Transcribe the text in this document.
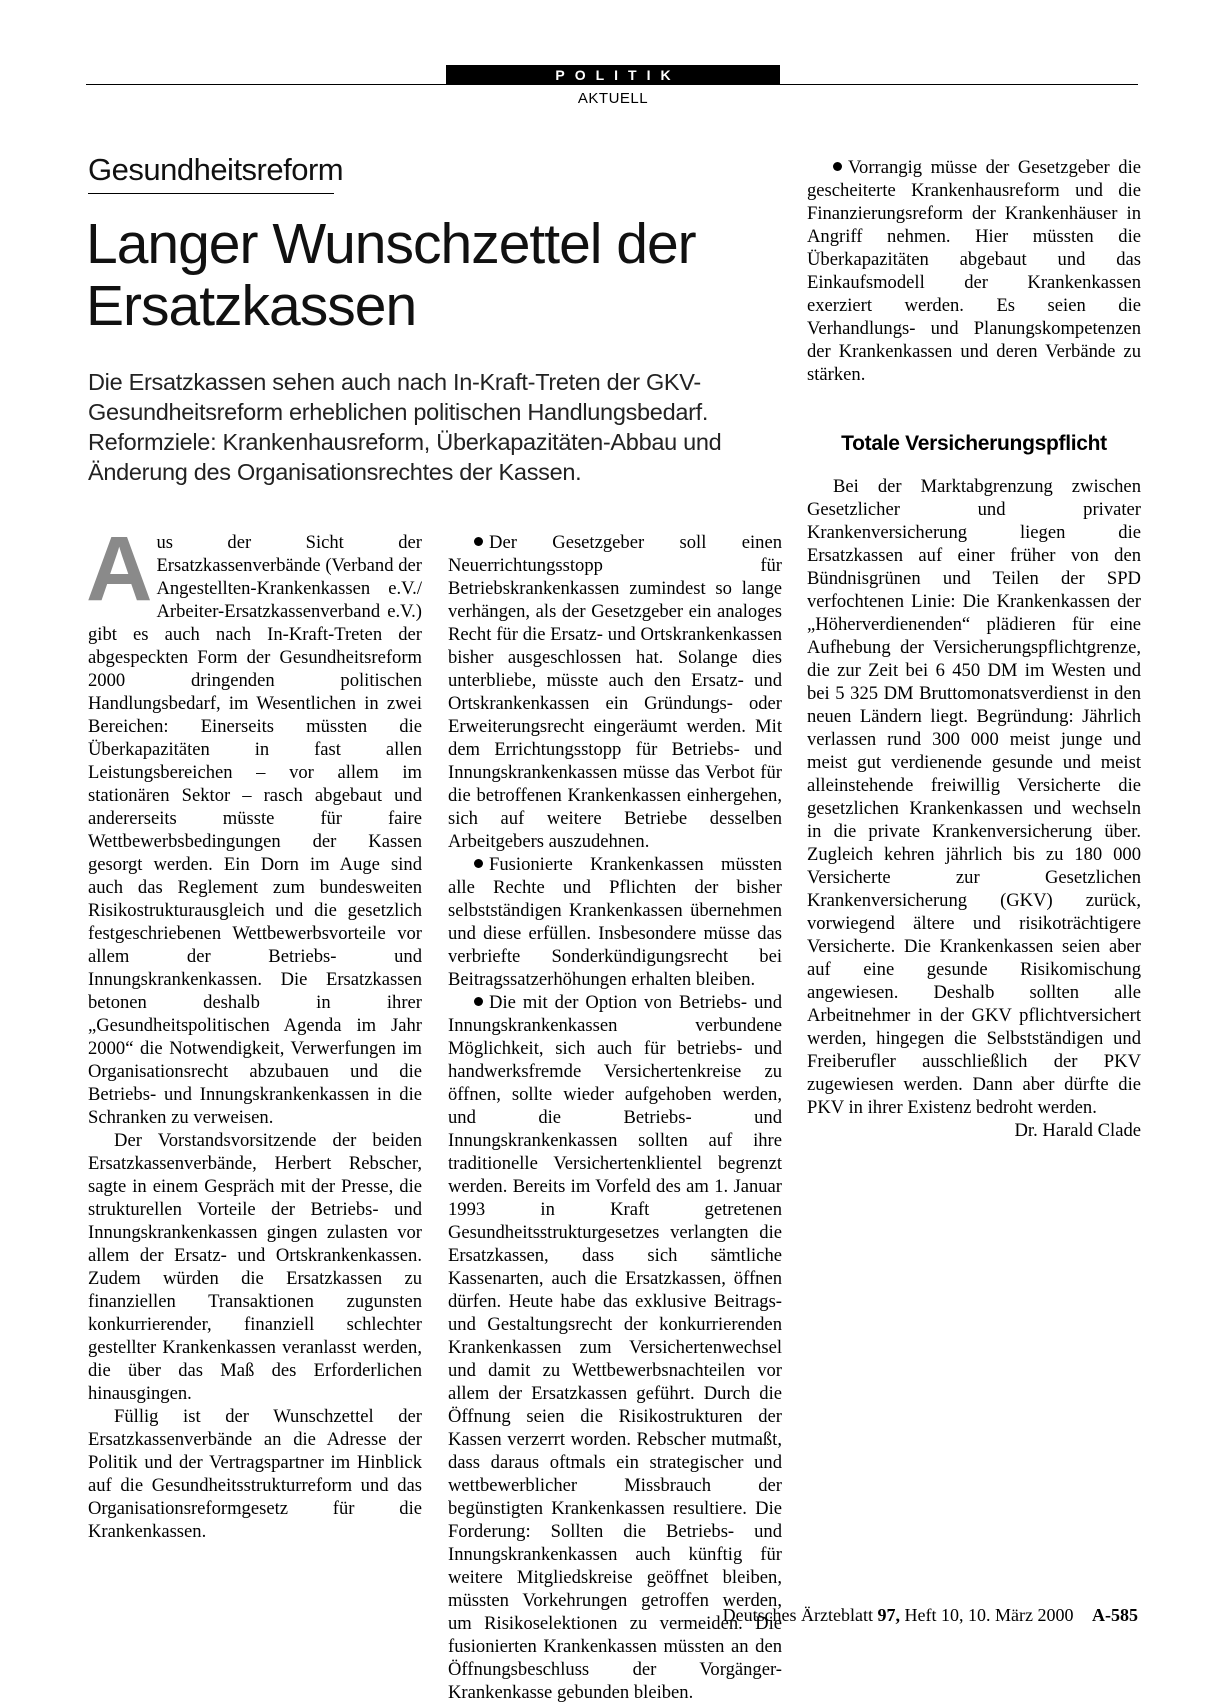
POLITIK
AKTUELL
Gesundheitsreform
Langer Wunschzettel der Ersatzkassen
Die Ersatzkassen sehen auch nach In-Kraft-Treten der GKV-Gesundheitsreform erheblichen politischen Handlungsbedarf. Reformziele: Krankenhausreform, Überkapazitäten-Abbau und Änderung des Organisationsrechtes der Kassen.

Aus der Sicht der Ersatzkassenverbände (Verband der Angestellten-Krankenkassen e.V./ Arbeiter-Ersatzkassenverband e.V.) gibt es auch nach In-Kraft-Treten der abgespeckten Form der Gesundheitsreform 2000 dringenden politischen Handlungsbedarf, im Wesentlichen in zwei Bereichen: Einerseits müssten die Überkapazitäten in fast allen Leistungsbereichen – vor allem im stationären Sektor – rasch abgebaut und andererseits müsste für faire Wettbewerbsbedingungen der Kassen gesorgt werden. Ein Dorn im Auge sind auch das Reglement zum bundesweiten Risikostrukturausgleich und die gesetzlich festgeschriebenen Wettbewerbsvorteile vor allem der Betriebs- und Innungskrankenkassen. Die Ersatzkassen betonen deshalb in ihrer „Gesundheitspolitischen Agenda im Jahr 2000“ die Notwendigkeit, Verwerfungen im Organisationsrecht abzubauen und die Betriebs- und Innungskrankenkassen in die Schranken zu verweisen.

Der Vorstandsvorsitzende der beiden Ersatzkassenverbände, Herbert Rebscher, sagte in einem Gespräch mit der Presse, die strukturellen Vorteile der Betriebs- und Innungskrankenkassen gingen zulasten vor allem der Ersatz- und Ortskrankenkassen. Zudem würden die Ersatzkassen zu finanziellen Transaktionen zugunsten konkurrierender, finanziell schlechter gestellter Krankenkassen veranlasst werden, die über das Maß des Erforderlichen hinausgingen.

Füllig ist der Wunschzettel der Ersatzkassenverbände an die Adresse der Politik und der Vertragspartner im Hinblick auf die Gesundheitsstrukturreform und das Organisationsreformgesetz für die Krankenkassen.

Der Gesetzgeber soll einen Neuerrichtungsstopp für Betriebskrankenkassen zumindest so lange verhängen, als der Gesetzgeber ein analoges Recht für die Ersatz- und Ortskrankenkassen bisher ausgeschlossen hat. Solange dies unterbliebe, müsste auch den Ersatz- und Ortskrankenkassen ein Gründungs- oder Erweiterungsrecht eingeräumt werden. Mit dem Errichtungsstopp für Betriebs- und Innungskrankenkassen müsse das Verbot für die betroffenen Krankenkassen einhergehen, sich auf weitere Betriebe desselben Arbeitgebers auszudehnen.

Fusionierte Krankenkassen müssten alle Rechte und Pflichten der bisher selbstständigen Krankenkassen übernehmen und diese erfüllen. Insbesondere müsse das verbriefte Sonderkündigungsrecht bei Beitragssatzerhöhungen erhalten bleiben.

Die mit der Option von Betriebs- und Innungskrankenkassen verbundene Möglichkeit, sich auch für betriebs- und handwerksfremde Versichertenkreise zu öffnen, sollte wieder aufgehoben werden, und die Betriebs- und Innungskrankenkassen sollten auf ihre traditionelle Versichertenklientel begrenzt werden. Bereits im Vorfeld des am 1. Januar 1993 in Kraft getretenen Gesundheitsstrukturgesetzes verlangten die Ersatzkassen, dass sich sämtliche Kassenarten, auch die Ersatzkassen, öffnen dürfen. Heute habe das exklusive Beitrags- und Gestaltungsrecht der konkurrierenden Krankenkassen zum Versichertenwechsel und damit zu Wettbewerbsnachteilen vor allem der Ersatzkassen geführt. Durch die Öffnung seien die Risikostrukturen der Kassen verzerrt worden. Rebscher mutmaßt, dass daraus oftmals ein strategischer und wettbewerblicher Missbrauch der begünstigten Krankenkassen resultiere. Die Forderung: Sollten die Betriebs- und Innungskrankenkassen auch künftig für weitere Mitgliedskreise geöffnet bleiben, müssten Vorkehrungen getroffen werden, um Risikoselektionen zu vermeiden. Die fusionierten Krankenkassen müssten an den Öffnungsbeschluss der Vorgänger-Krankenkasse gebunden bleiben.

Vorrangig müsse der Gesetzgeber die gescheiterte Krankenhausreform und die Finanzierungsreform der Krankenhäuser in Angriff nehmen. Hier müssten die Überkapazitäten abgebaut und das Einkaufsmodell der Krankenkassen exerziert werden. Es seien die Verhandlungs- und Planungskompetenzen der Krankenkassen und deren Verbände zu stärken.

Totale Versicherungspflicht

Bei der Marktabgrenzung zwischen Gesetzlicher und privater Krankenversicherung liegen die Ersatzkassen auf einer früher von den Bündnisgrünen und Teilen der SPD verfochtenen Linie: Die Krankenkassen der „Höherverdienenden“ plädieren für eine Aufhebung der Versicherungspflichtgrenze, die zur Zeit bei 6 450 DM im Westen und bei 5 325 DM Bruttomonatsverdienst in den neuen Ländern liegt. Begründung: Jährlich verlassen rund 300 000 meist junge und meist gut verdienende gesunde und meist alleinstehende freiwillig Versicherte die gesetzlichen Krankenkassen und wechseln in die private Krankenversicherung über. Zugleich kehren jährlich bis zu 180 000 Versicherte zur Gesetzlichen Krankenversicherung (GKV) zurück, vorwiegend ältere und risikoträchtigere Versicherte. Die Krankenkassen seien aber auf eine gesunde Risikomischung angewiesen. Deshalb sollten alle Arbeitnehmer in der GKV pflichtversichert werden, hingegen die Selbstständigen und Freiberufler ausschließlich der PKV zugewiesen werden. Dann aber dürfte die PKV in ihrer Existenz bedroht werden.
Dr. Harald Clade

Deutsches Ärzteblatt 97, Heft 10, 10. März 2000 A-585
